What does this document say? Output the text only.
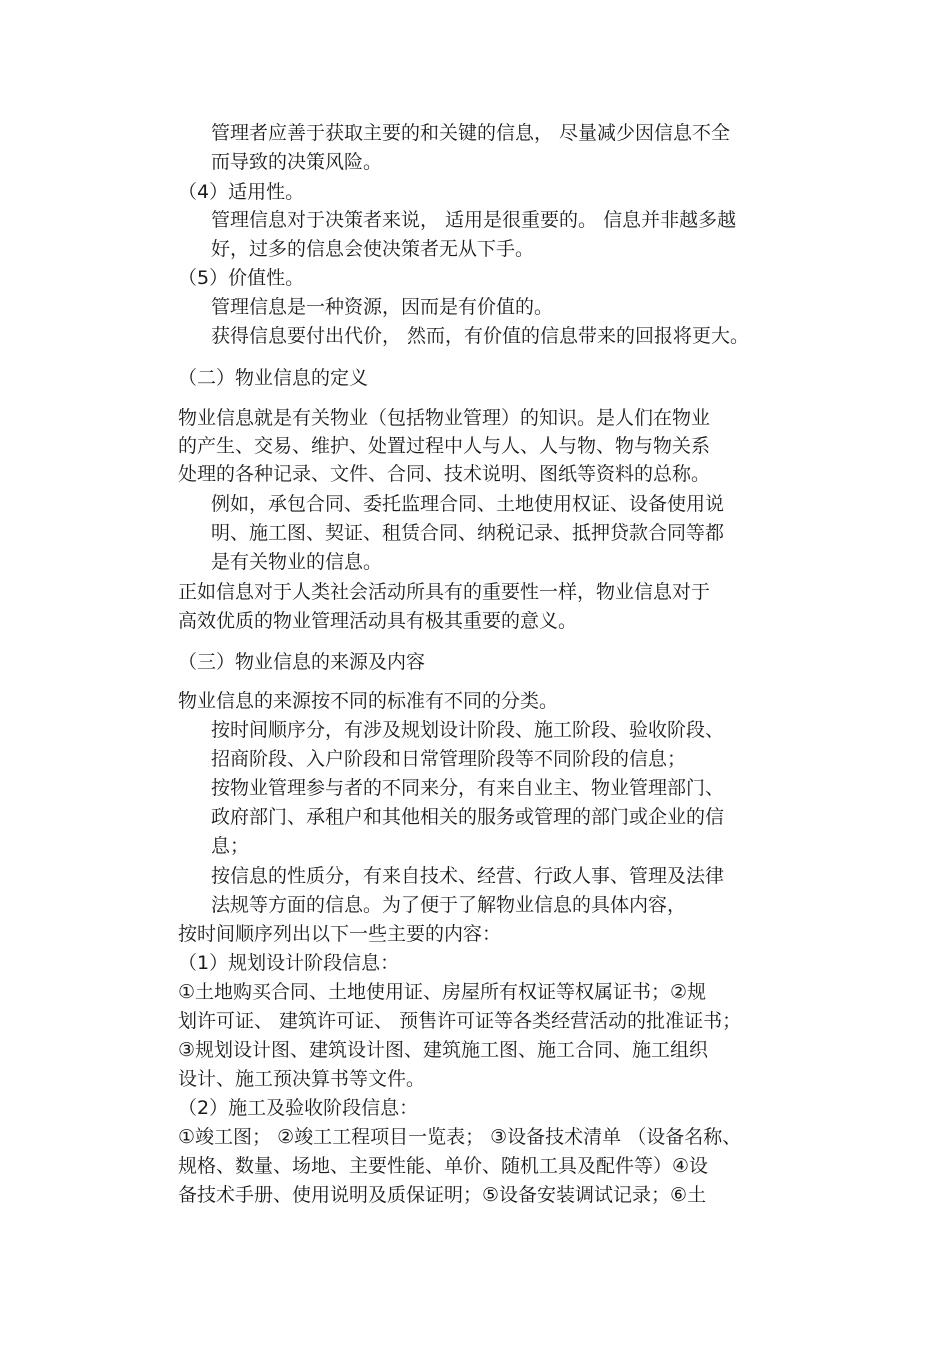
管理者应善于获取主要的和关键的信息， 尽量减少因信息不全

而导致的决策风险。

（4）适用性。

管理信息对于决策者来说， 适用是很重要的。 信息并非越多越

好，过多的信息会使决策者无从下手。

（5）价值性。

管理信息是一种资源，因而是有价值的。

获得信息要付出代价， 然而，有价值的信息带来的回报将更大。

（二）物业信息的定义

物业信息就是有关物业（包括物业管理）的知识。是人们在物业

的产生、交易、维护、处置过程中人与人、人与物、物与物关系

处理的各种记录、文件、合同、技术说明、图纸等资料的总称。

例如，承包合同、委托监理合同、土地使用权证、设备使用说

明、施工图、契证、租赁合同、纳税记录、抵押贷款合同等都

是有关物业的信息。

正如信息对于人类社会活动所具有的重要性一样，物业信息对于

高效优质的物业管理活动具有极其重要的意义。

（三）物业信息的来源及内容

物业信息的来源按不同的标准有不同的分类。

按时间顺序分，有涉及规划设计阶段、施工阶段、验收阶段、

招商阶段、入户阶段和日常管理阶段等不同阶段的信息；

按物业管理参与者的不同来分，有来自业主、物业管理部门、

政府部门、承租户和其他相关的服务或管理的部门或企业的信

息；

按信息的性质分，有来自技术、经营、行政人事、管理及法律

法规等方面的信息。为了便于了解物业信息的具体内容，

按时间顺序列出以下一些主要的内容：

（1）规划设计阶段信息：

①土地购买合同、土地使用证、房屋所有权证等权属证书；②规

划许可证、 建筑许可证、 预售许可证等各类经营活动的批准证书；

③规划设计图、建筑设计图、建筑施工图、施工合同、施工组织

设计、施工预决算书等文件。

（2）施工及验收阶段信息：

①竣工图； ②竣工工程项目一览表； ③设备技术清单 （设备名称、

规格、数量、场地、主要性能、单价、随机工具及配件等）④设

备技术手册、使用说明及质保证明；⑤设备安装调试记录；⑥土
